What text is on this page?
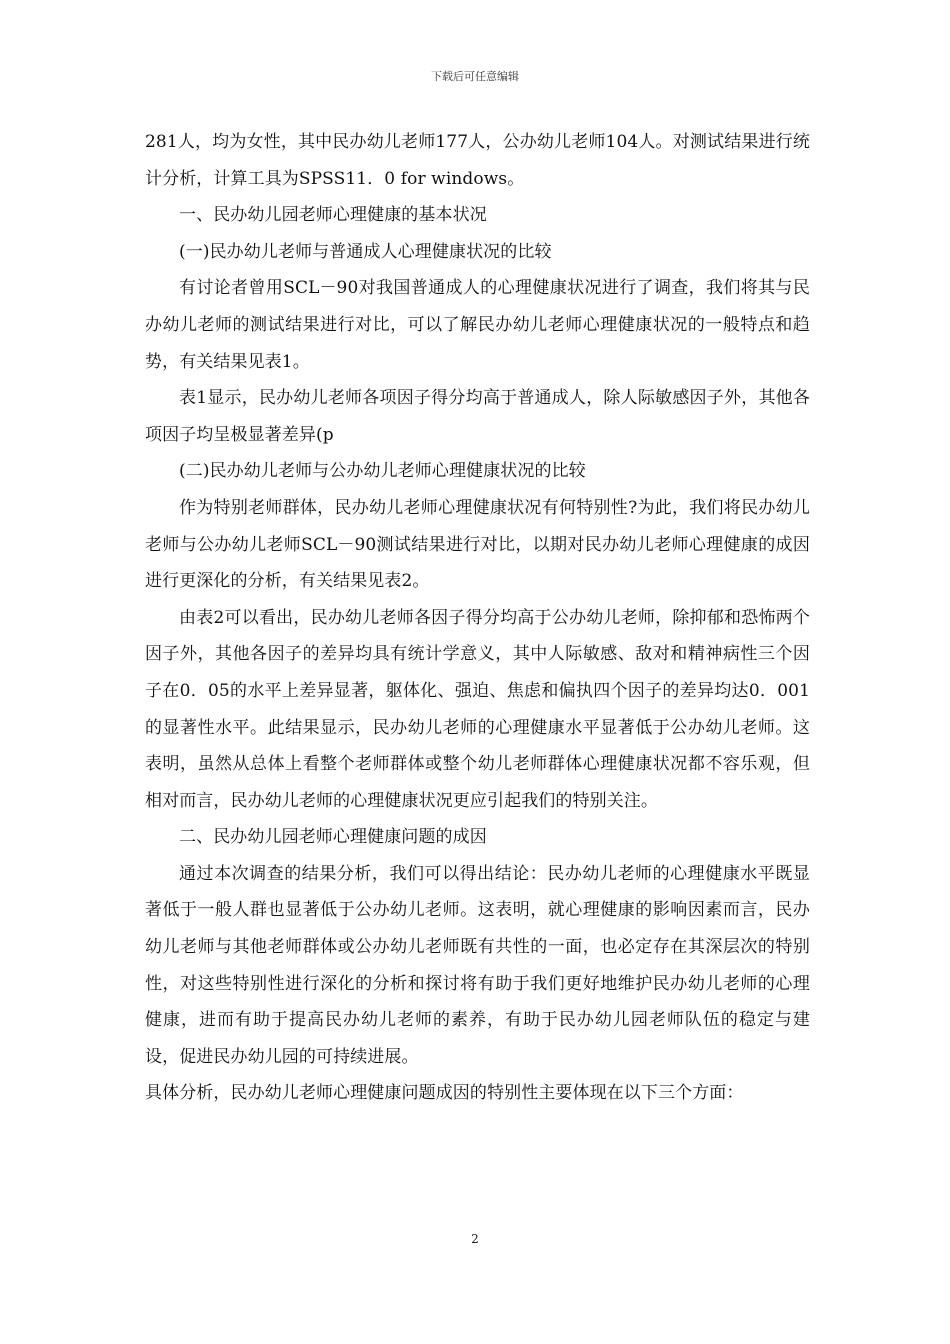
下载后可任意编辑

281人，均为女性，其中民办幼儿老师177人，公办幼儿老师104人。对测试结果进行统计分析，计算工具为SPSS11．0 for windows。

一、民办幼儿园老师心理健康的基本状况

(一)民办幼儿老师与普通成人心理健康状况的比较

有讨论者曾用SCL－90对我国普通成人的心理健康状况进行了调查，我们将其与民办幼儿老师的测试结果进行对比，可以了解民办幼儿老师心理健康状况的一般特点和趋势，有关结果见表1。

表1显示，民办幼儿老师各项因子得分均高于普通成人，除人际敏感因子外，其他各项因子均呈极显著差异(p

(二)民办幼儿老师与公办幼儿老师心理健康状况的比较

作为特别老师群体，民办幼儿老师心理健康状况有何特别性?为此，我们将民办幼儿老师与公办幼儿老师SCL－90测试结果进行对比，以期对民办幼儿老师心理健康的成因进行更深化的分析，有关结果见表2。

由表2可以看出，民办幼儿老师各因子得分均高于公办幼儿老师，除抑郁和恐怖两个因子外，其他各因子的差异均具有统计学意义，其中人际敏感、敌对和精神病性三个因子在0．05的水平上差异显著，躯体化、强迫、焦虑和偏执四个因子的差异均达0．001的显著性水平。此结果显示，民办幼儿老师的心理健康水平显著低于公办幼儿老师。这表明，虽然从总体上看整个老师群体或整个幼儿老师群体心理健康状况都不容乐观，但相对而言，民办幼儿老师的心理健康状况更应引起我们的特别关注。

二、民办幼儿园老师心理健康问题的成因

通过本次调查的结果分析，我们可以得出结论：民办幼儿老师的心理健康水平既显著低于一般人群也显著低于公办幼儿老师。这表明，就心理健康的影响因素而言，民办幼儿老师与其他老师群体或公办幼儿老师既有共性的一面，也必定存在其深层次的特别性，对这些特别性进行深化的分析和探讨将有助于我们更好地维护民办幼儿老师的心理健康，进而有助于提高民办幼儿老师的素养，有助于民办幼儿园老师队伍的稳定与建设，促进民办幼儿园的可持续进展。

具体分析，民办幼儿老师心理健康问题成因的特别性主要体现在以下三个方面：

2
